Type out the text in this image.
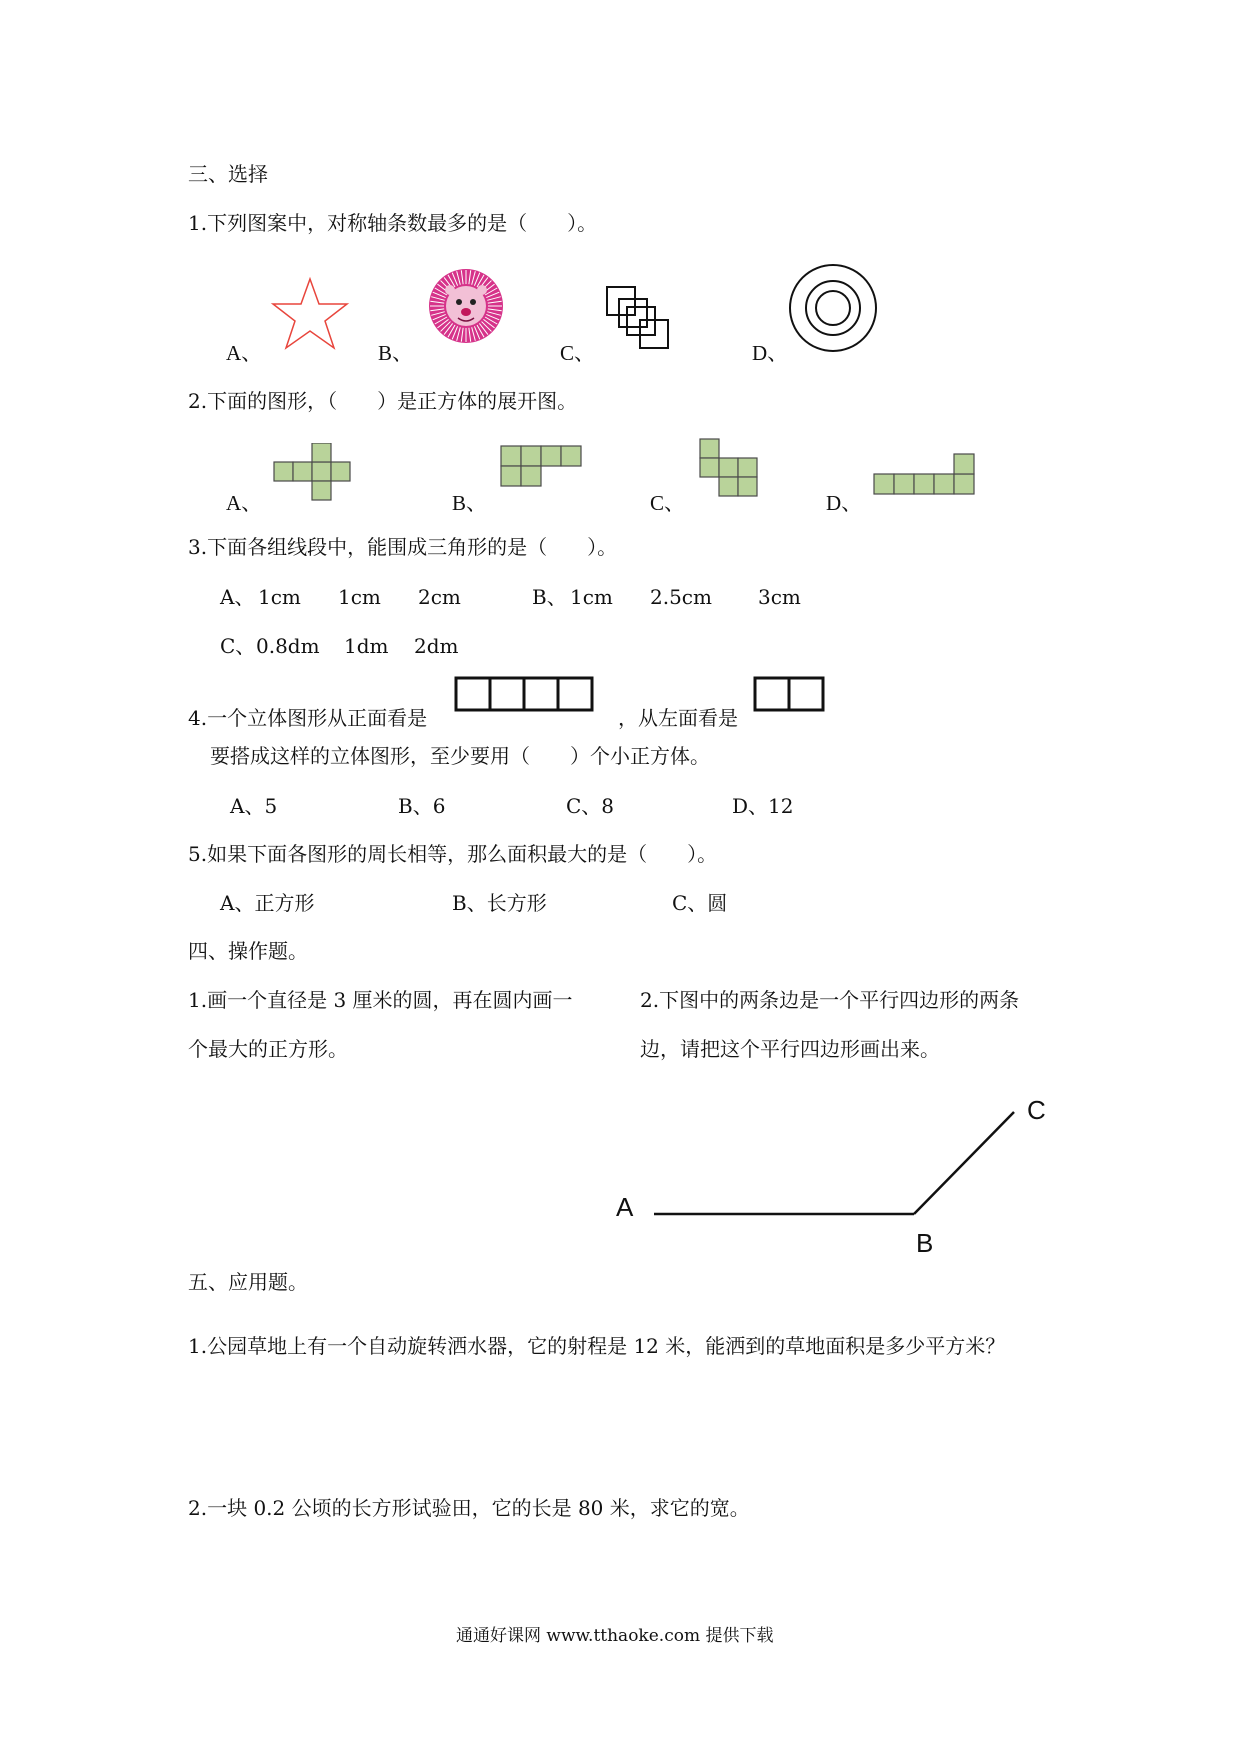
三、选择
1.下列图案中，对称轴条数最多的是（　　）。
A、	B、	C、	D、
2.下面的图形，（　　）是正方体的展开图。
A、	B、	C、	D、
3.下面各组线段中，能围成三角形的是（　　）。
A、 1cm 1cm 2cm	B、 1cm 2.5cm 3cm
C、 0.8dm 1dm 2dm
4.一个立体图形从正面看是	，从左面看是
要搭成这样的立体图形，至少要用（　　）个小正方体。
A、5	B、6	C、8	D、12
5.如果下面各图形的周长相等，那么面积最大的是（　　）。
A、正方形	B、长方形	C、圆
四、操作题。
1.画一个直径是 3 厘米的圆，再在圆内画一
个最大的正方形。
2.下图中的两条边是一个平行四边形的两条
边，请把这个平行四边形画出来。
A
B
C
五、应用题。
1.公园草地上有一个自动旋转洒水器，它的射程是 12 米，能洒到的草地面积是多少平方米？
2.一块 0.2 公顷的长方形试验田，它的长是 80 米，求它的宽。
通通好课网 www.tthaoke.com 提供下载
